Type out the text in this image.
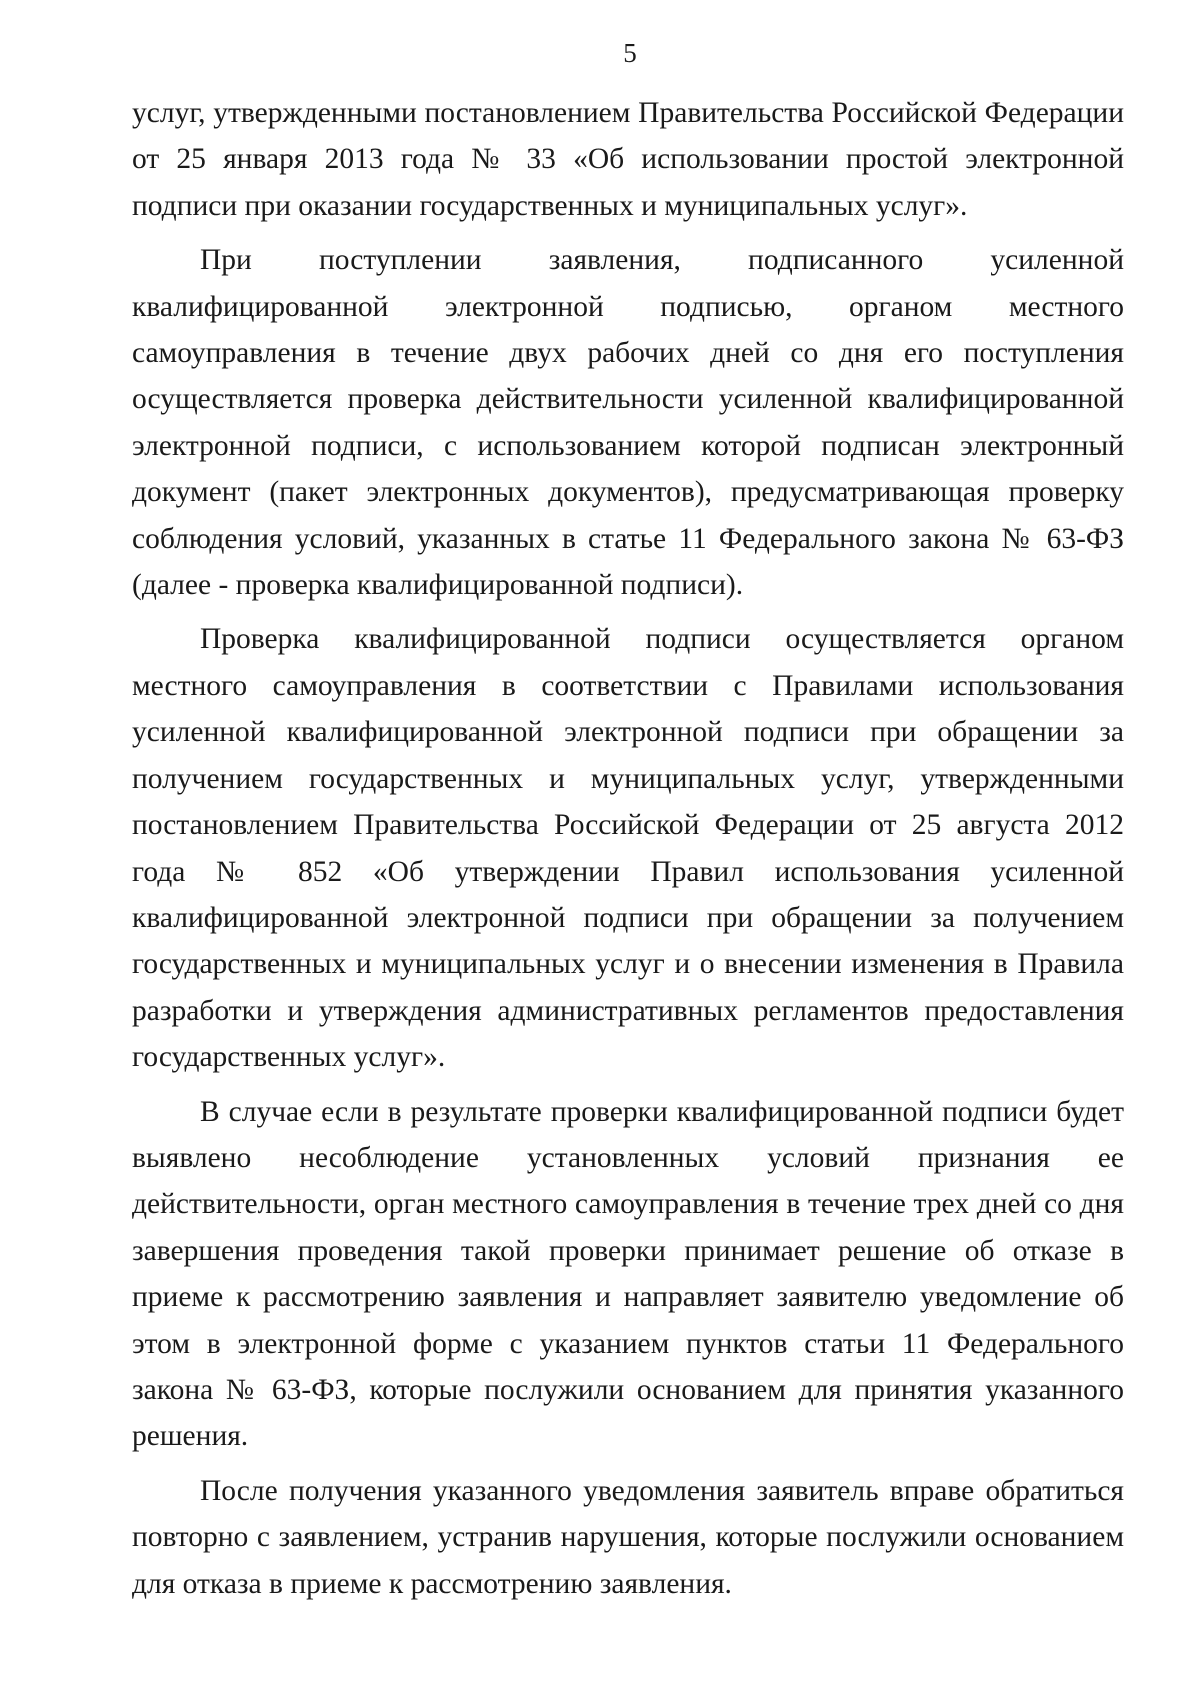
5

услуг, утвержденными постановлением Правительства Российской Федерации от 25 января 2013 года № 33 «Об использовании простой электронной подписи при оказании государственных и муниципальных услуг».

При поступлении заявления, подписанного усиленной квалифицированной электронной подписью, органом местного самоуправления в течение двух рабочих дней со дня его поступления осуществляется проверка действительности усиленной квалифицированной электронной подписи, с использованием которой подписан электронный документ (пакет электронных документов), предусматривающая проверку соблюдения условий, указанных в статье 11 Федерального закона № 63-ФЗ (далее - проверка квалифицированной подписи).

Проверка квалифицированной подписи осуществляется органом местного самоуправления в соответствии с Правилами использования усиленной квалифицированной электронной подписи при обращении за получением государственных и муниципальных услуг, утвержденными постановлением Правительства Российской Федерации от 25 августа 2012 года № 852 «Об утверждении Правил использования усиленной квалифицированной электронной подписи при обращении за получением государственных и муниципальных услуг и о внесении изменения в Правила разработки и утверждения административных регламентов предоставления государственных услуг».

В случае если в результате проверки квалифицированной подписи будет выявлено несоблюдение установленных условий признания ее действительности, орган местного самоуправления в течение трех дней со дня завершения проведения такой проверки принимает решение об отказе в приеме к рассмотрению заявления и направляет заявителю уведомление об этом в электронной форме с указанием пунктов статьи 11 Федерального закона № 63-ФЗ, которые послужили основанием для принятия указанного решения.

После получения указанного уведомления заявитель вправе обратиться повторно с заявлением, устранив нарушения, которые послужили основанием для отказа в приеме к рассмотрению заявления.
